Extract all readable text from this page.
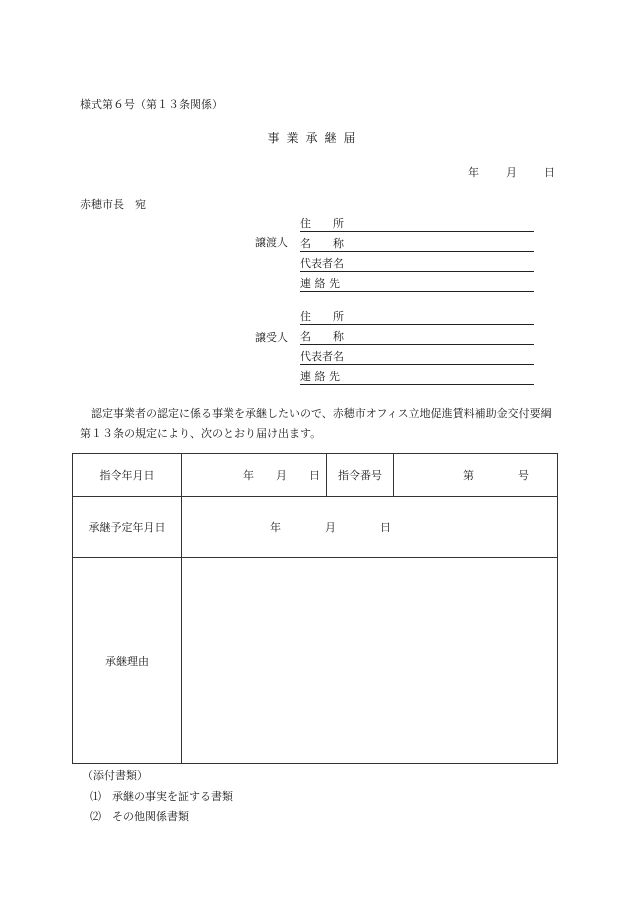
様式第６号（第１３条関係）
事業承継届
年 月 日
赤穂市長　宛
譲渡人
住　　所
名　　称
代表者名
連 絡 先
譲受人
住　　所
名　　称
代表者名
連 絡 先
認定事業者の認定に係る事業を承継したいので、赤穂市オフィス立地促進賃料補助金交付要綱第１３条の規定により、次のとおり届け出ます。
指令年月日	年　　月　　日	指令番号	第　　　　号
承継予定年月日	年　　　　月　　　　日		
承継理由			
（添付書類）
⑴　承継の事実を証する書類
⑵　その他関係書類
